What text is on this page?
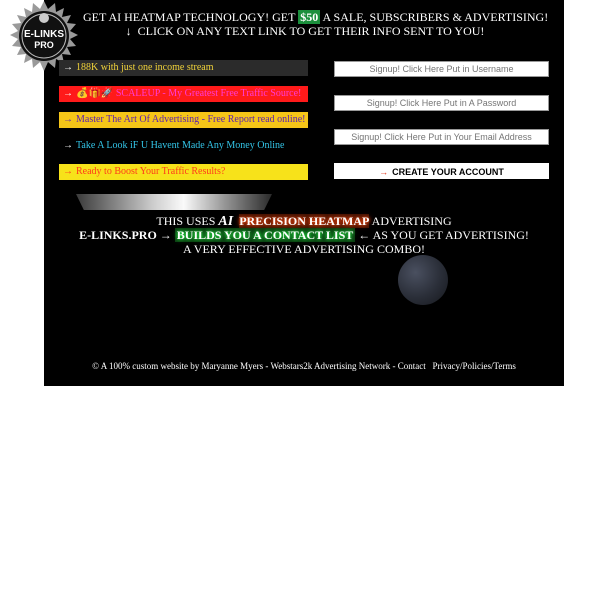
E-LINKS
PRO
GET AI HEATMAP TECHNOLOGY! GET $50 A SALE, SUBSCRIBERS & ADVERTISING!
↓ CLICK ON ANY TEXT LINK TO GET THEIR INFO SENT TO YOU!
→ 188K with just one income stream
→ 💰🎁🚀 SCALEUP - My Greatest Free Traffic Source!
→ Master The Art Of Advertising - Free Report read online!
→ Take A Look iF U Havent Made Any Money Online
→ Ready to Boost Your Traffic Results?
Signup! Click Here Put in Username
Signup! Click Here Put in Your Email Address	→ CREATE YOUR ACCOUNT
THIS USES AI PRECISION HEATMAP ADVERTISING
E-LINKS.PRO → BUILDS YOU A CONTACT LIST ← AS YOU GET ADVERTISING!
A VERY EFFECTIVE ADVERTISING COMBO!
© A 100% custom website by Maryanne Myers - Webstars2k Advertising Network - Contact Privacy/Policies/Terms
